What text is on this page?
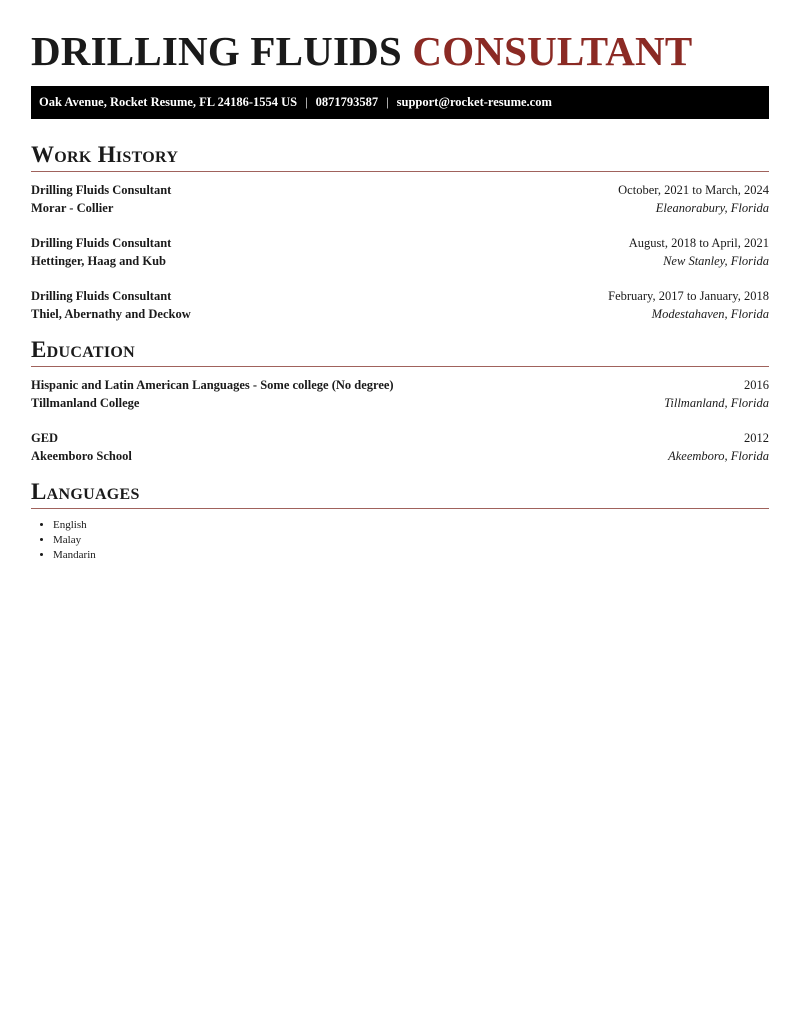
DRILLING FLUIDS CONSULTANT
Oak Avenue, Rocket Resume, FL 24186-1554 US | 0871793587 | support@rocket-resume.com
Work History
Drilling Fluids Consultant	October, 2021 to March, 2024
Morar - Collier	Eleanorabury, Florida
Drilling Fluids Consultant	August, 2018 to April, 2021
Hettinger, Haag and Kub	New Stanley, Florida
Drilling Fluids Consultant	February, 2017 to January, 2018
Thiel, Abernathy and Deckow	Modestahaven, Florida
Education
Hispanic and Latin American Languages - Some college (No degree)	2016
Tillmanland College	Tillmanland, Florida
GED	2012
Akeemboro School	Akeemboro, Florida
Languages
• English
• Malay
• Mandarin
